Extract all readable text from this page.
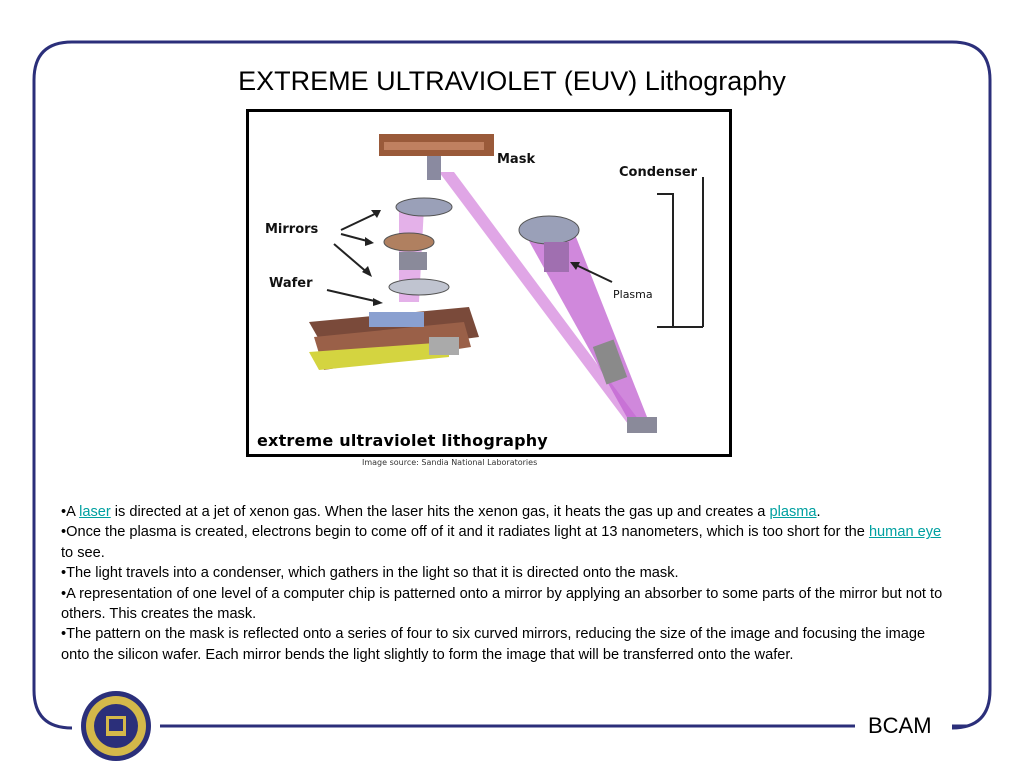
EXTREME ULTRAVIOLET (EUV) Lithography
Mask
Condenser
Mirrors
Wafer
Plasma
extreme ultraviolet lithography
Image source: Sandia National Laboratories

•A laser is directed at a jet of xenon gas. When the laser hits the xenon gas, it heats the gas up and creates a plasma.

•Once the plasma is created, electrons begin to come off of it and it radiates light at 13 nanometers, which is too short for the human eye to see.

•The light travels into a condenser, which gathers in the light so that it is directed onto the mask.

•A representation of one level of a computer chip is patterned onto a mirror by applying an absorber to some parts of the mirror but not to others. This creates the mask.

•The pattern on the mask is reflected onto a series of four to six curved mirrors, reducing the size of the image and focusing the image onto the silicon wafer. Each mirror bends the light slightly to form the image that will be transferred onto the wafer.

BCAM
